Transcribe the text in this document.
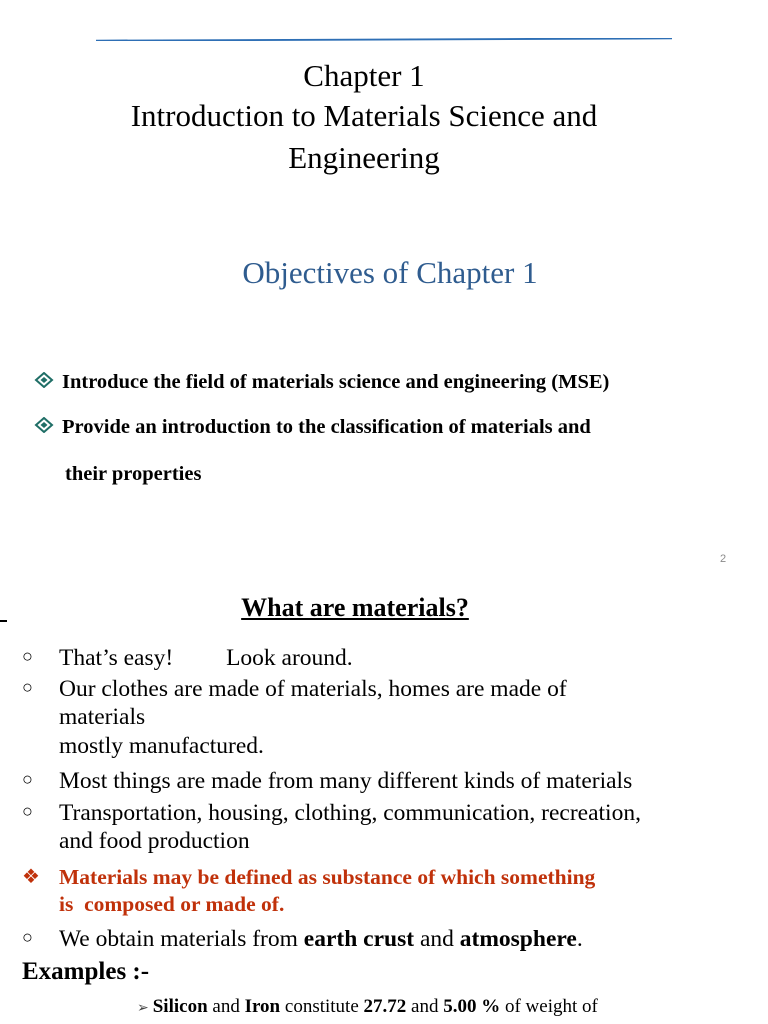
Chapter 1
Introduction to Materials Science and
Engineering
Objectives of Chapter 1
Introduce the field of materials science and engineering (MSE)
Provide an introduction to the classification of materials and
their properties
2
What are materials?
○ That’s easy!         Look around.
○ Our clothes are made of materials, homes are made of
materials
mostly manufactured.
○ Most things are made from many different kinds of materials
○ Transportation, housing, clothing, communication, recreation,
and food production
❖ Materials may be defined as substance of which something
is  composed or made of.
○ We obtain materials from earth crust and atmosphere.
Examples :-
➢ Silicon and Iron constitute 27.72 and 5.00 % of weight of
